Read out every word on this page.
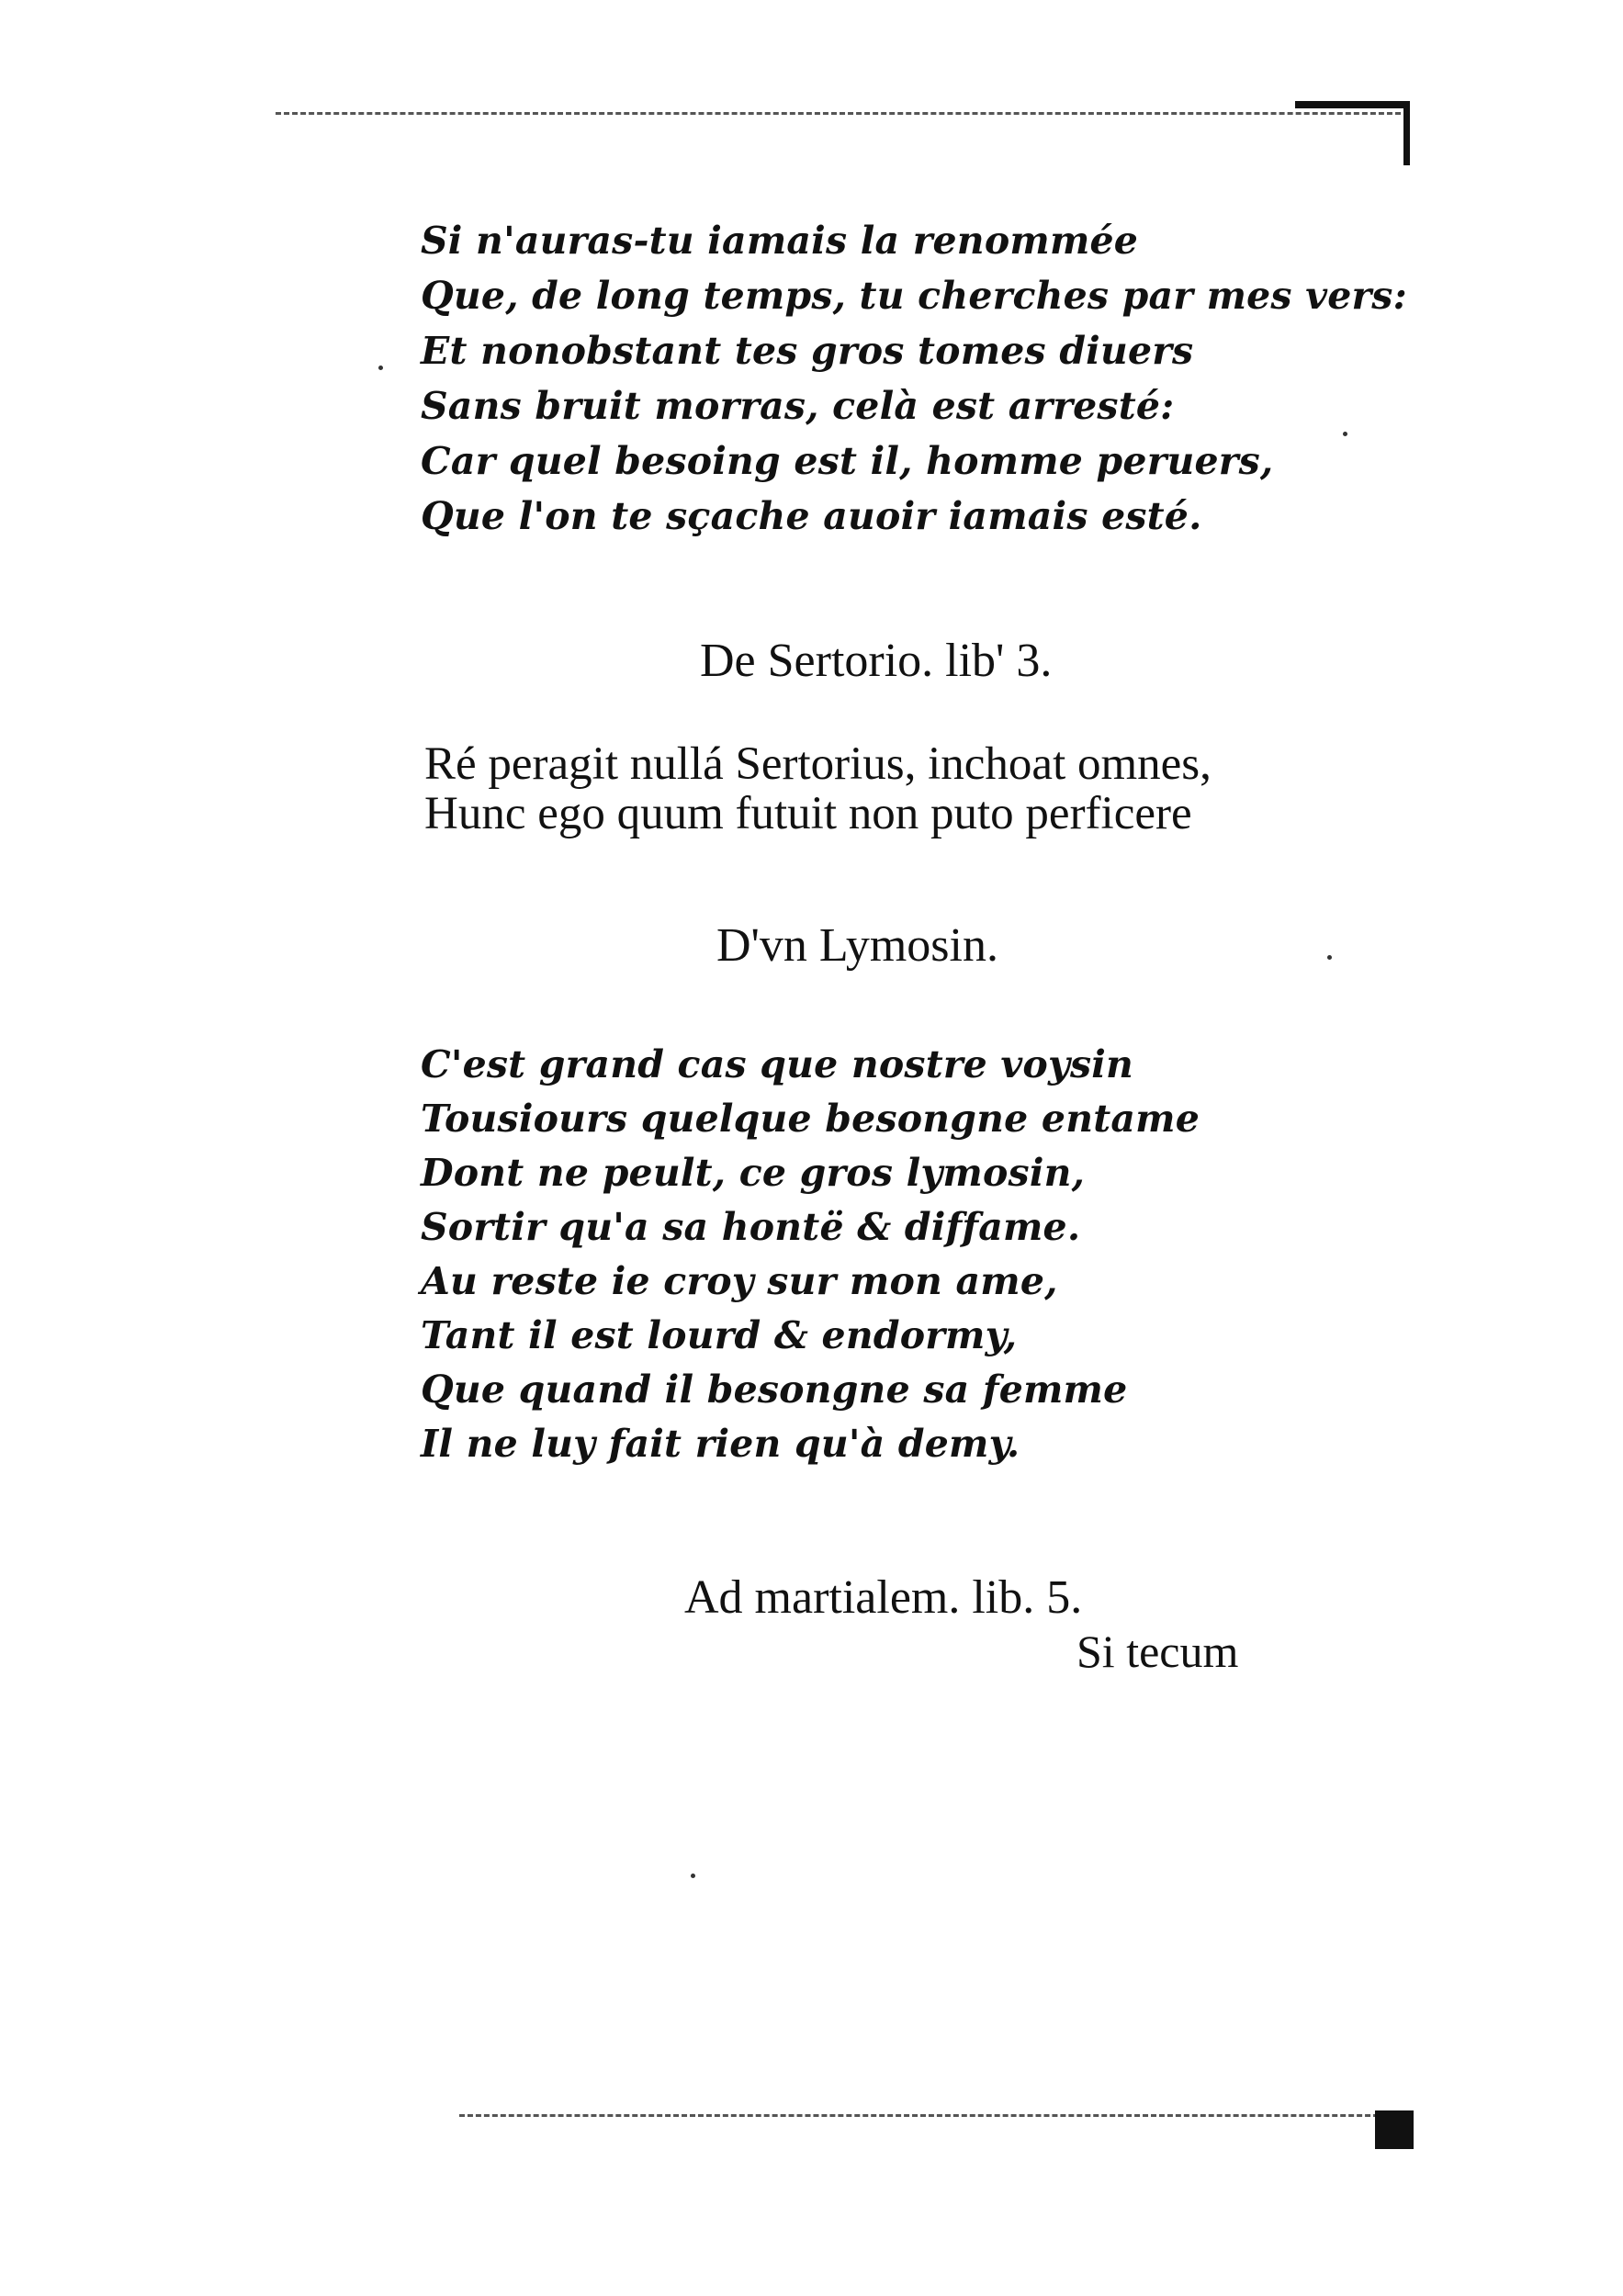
Si n'auras-tu iamais la renommée
Que, de long temps, tu cherches par mes vers:
Et nonobstant tes gros tomes diuers
Sans bruit morras, celà est arresté:
Car quel besoing est il, homme peruers,
Que l'on te sçache auoir iamais esté.
De Sertorio. lib' 3.
Ré peragit nullá Sertorius, inchoat omnes,
Hunc ego quum futuit non puto perficere
D'vn Lymosin.
C'est grand cas que nostre voysin
Tousiours quelque besongne entame
Dont ne peult, ce gros lymosin,
Sortir qu'a sa hontë & diffame.
Au reste ie croy sur mon ame,
Tant il est lourd & endormy,
Que quand il besongne sa femme
Il ne luy fait rien qu'à demy.
Ad martialem. lib. 5.
Si tecum
